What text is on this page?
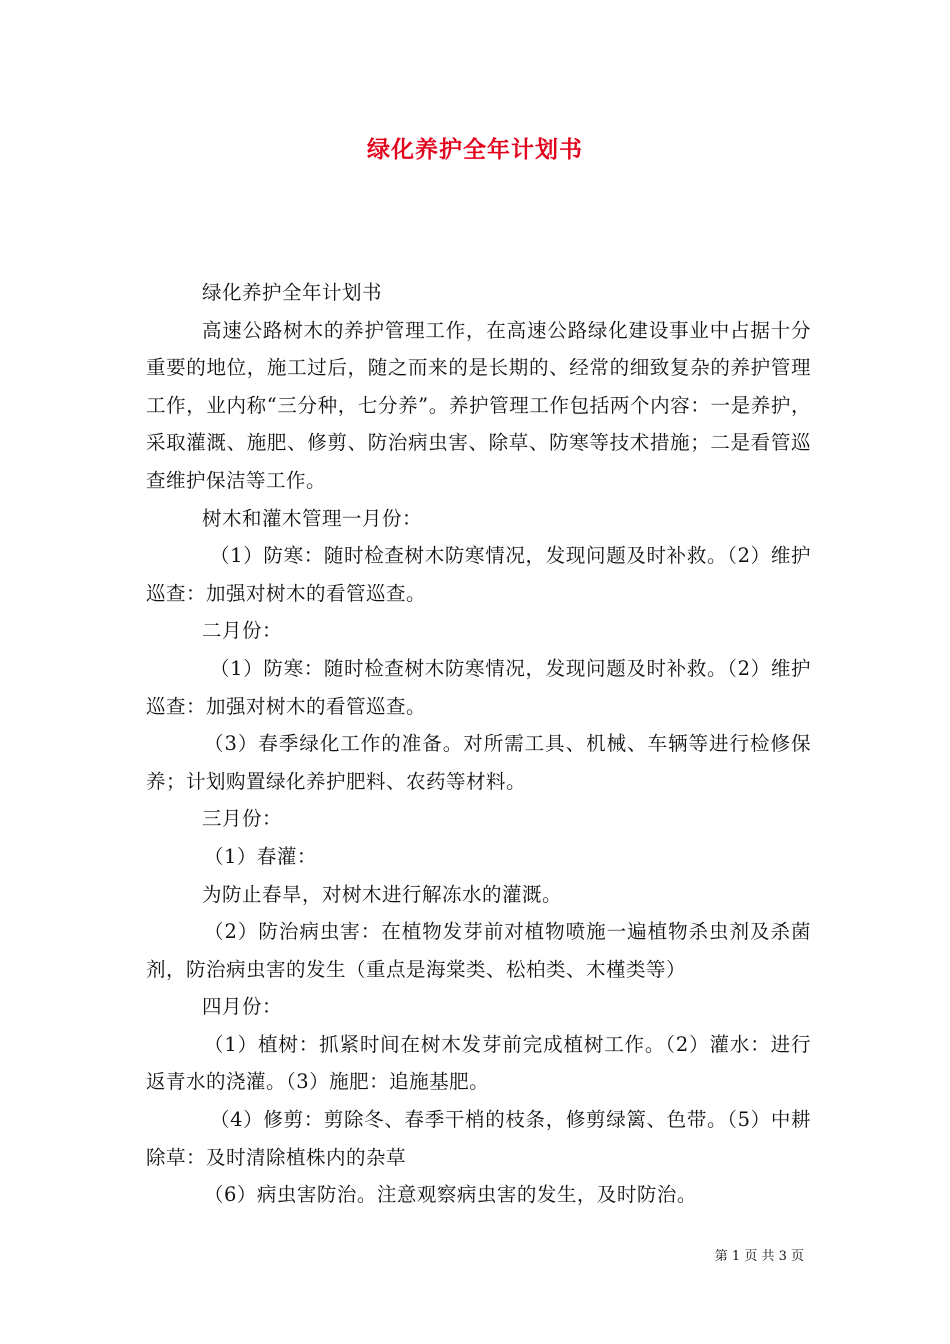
绿化养护全年计划书

绿化养护全年计划书

高速公路树木的养护管理工作，在高速公路绿化建设事业中占据十分重要的地位，施工过后，随之而来的是长期的、经常的细致复杂的养护管理工作，业内称“三分种，七分养”。养护管理工作包括两个内容：一是养护，采取灌溉、施肥、修剪、防治病虫害、除草、防寒等技术措施；二是看管巡查维护保洁等工作。

树木和灌木管理一月份：

（1）防寒：随时检查树木防寒情况，发现问题及时补救。（2）维护巡查：加强对树木的看管巡查。

二月份：

（1）防寒：随时检查树木防寒情况，发现问题及时补救。（2）维护巡查：加强对树木的看管巡查。

（3）春季绿化工作的准备。对所需工具、机械、车辆等进行检修保养；计划购置绿化养护肥料、农药等材料。

三月份：

（1）春灌：

为防止春旱，对树木进行解冻水的灌溉。

（2）防治病虫害：在植物发芽前对植物喷施一遍植物杀虫剂及杀菌剂，防治病虫害的发生（重点是海棠类、松柏类、木槿类等）

四月份：

（1）植树：抓紧时间在树木发芽前完成植树工作。（2）灌水：进行返青水的浇灌。（3）施肥：追施基肥。

（4）修剪：剪除冬、春季干梢的枝条，修剪绿篱、色带。（5）中耕除草：及时清除植株内的杂草

（6）病虫害防治。注意观察病虫害的发生，及时防治。

第 1 页 共 3 页
